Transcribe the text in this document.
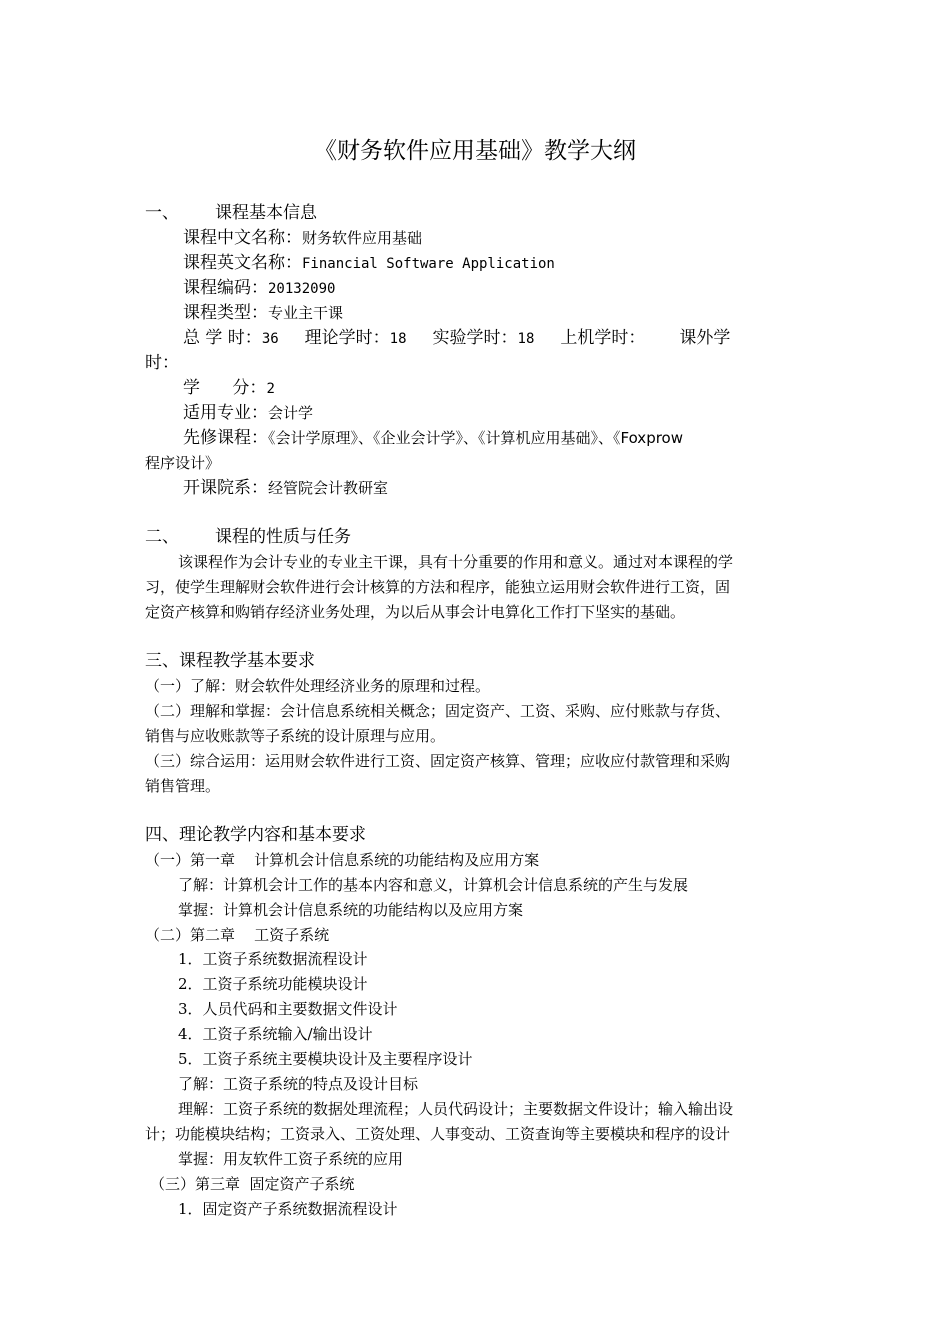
《财务软件应用基础》教学大纲
一、 课程基本信息
课程中文名称：财务软件应用基础
课程英文名称：Financial Software Application
课程编码：20132090
课程类型：专业主干课
总 学 时：36 理论学时：18 实验学时：18 上机学时： 课外学
时：
学      分：2
适用专业：会计学
先修课程：《会计学原理》、《企业会计学》、《计算机应用基础》、《Foxprow
程序设计》
开课院系：经管院会计教研室
二、 课程的性质与任务
该课程作为会计专业的专业主干课，具有十分重要的作用和意义。通过对本课程的学
习，使学生理解财会软件进行会计核算的方法和程序，能独立运用财会软件进行工资，固
定资产核算和购销存经济业务处理，为以后从事会计电算化工作打下坚实的基础。
三、课程教学基本要求
（一）了解：财会软件处理经济业务的原理和过程。
（二）理解和掌握：会计信息系统相关概念；固定资产、工资、采购、应付账款与存货、
销售与应收账款等子系统的设计原理与应用。
（三）综合运用：运用财会软件进行工资、固定资产核算、管理；应收应付款管理和采购
销售管理。
四、理论教学内容和基本要求
（一）第一章    计算机会计信息系统的功能结构及应用方案
了解：计算机会计工作的基本内容和意义，计算机会计信息系统的产生与发展
掌握：计算机会计信息系统的功能结构以及应用方案
（二）第二章    工资子系统
1．工资子系统数据流程设计
2．工资子系统功能模块设计
3．人员代码和主要数据文件设计
4．工资子系统输入/输出设计
5．工资子系统主要模块设计及主要程序设计
了解：工资子系统的特点及设计目标
理解：工资子系统的数据处理流程；人员代码设计；主要数据文件设计；输入输出设
计；功能模块结构；工资录入、工资处理、人事变动、工资查询等主要模块和程序的设计
掌握：用友软件工资子系统的应用
（三）第三章  固定资产子系统
1．固定资产子系统数据流程设计
